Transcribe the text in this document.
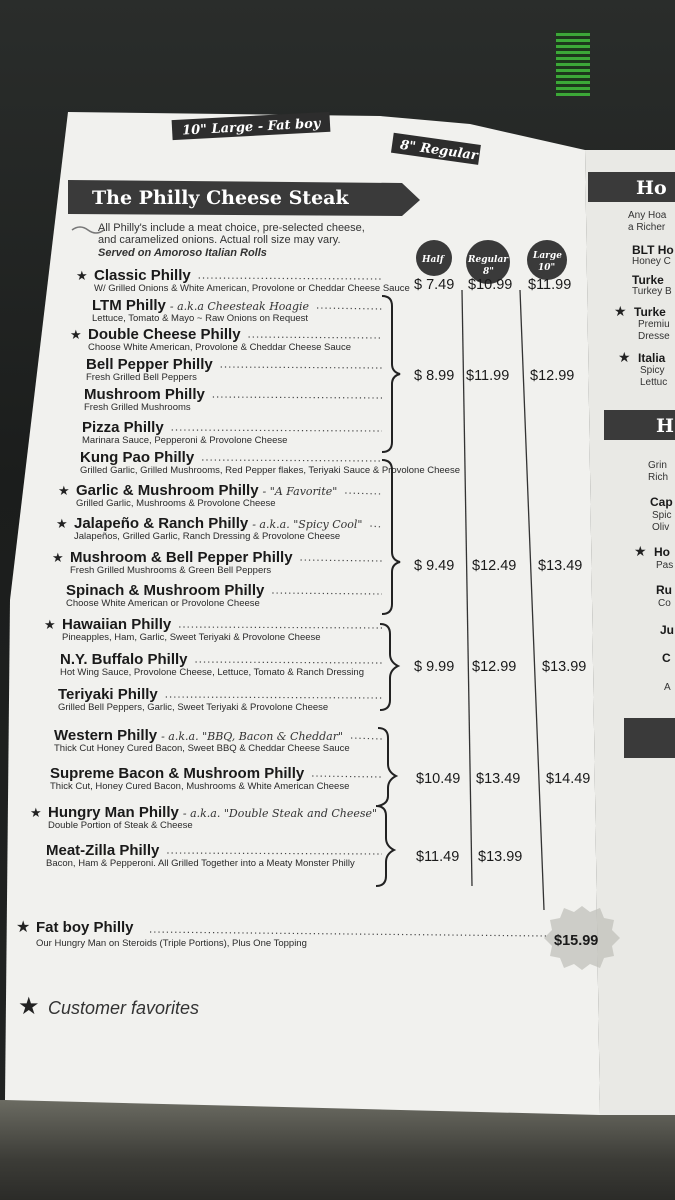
10" Large - Fat boy
8" Regular
The Philly Cheese Steak
All Philly's include a meat choice, pre-selected cheese,
and caramelized onions. Actual roll size may vary.
Served on Amoroso Italian Rolls
Half	Regular
8"
Large
10"
★ Classic Philly
W/ Grilled Onions & White American, Provolone or Cheddar Cheese Sauce
LTM Philly - a.k.a Cheesteak Hoagie
Lettuce, Tomato & Mayo ~ Raw Onions on Request
★ Double Cheese Philly
Choose White American, Provolone & Cheddar Cheese Sauce
Bell Pepper Philly
Fresh Grilled Bell Peppers
Mushroom Philly
Fresh Grilled Mushrooms
Pizza Philly
Marinara Sauce, Pepperoni & Provolone Cheese
Kung Pao Philly
Grilled Garlic, Grilled Mushrooms, Red Pepper flakes, Teriyaki Sauce & Provolone Cheese
★ Garlic & Mushroom Philly - "A Favorite"
Grilled Garlic, Mushrooms & Provolone Cheese
★ Jalapeño & Ranch Philly - a.k.a. "Spicy Cool"
Jalapeños, Grilled Garlic, Ranch Dressing & Provolone Cheese
★ Mushroom & Bell Pepper Philly
Fresh Grilled Mushrooms & Green Bell Peppers
Spinach & Mushroom Philly
Choose White American or Provolone Cheese
★ Hawaiian Philly
Pineapples, Ham, Garlic, Sweet Teriyaki & Provolone Cheese
N.Y. Buffalo Philly
Hot Wing Sauce, Provolone Cheese, Lettuce, Tomato & Ranch Dressing
Teriyaki Philly
Grilled Bell Peppers, Garlic, Sweet Teriyaki & Provolone Cheese
Western Philly - a.k.a. "BBQ, Bacon & Cheddar"
Thick Cut Honey Cured Bacon, Sweet BBQ & Cheddar Cheese Sauce
Supreme Bacon & Mushroom Philly
Thick Cut, Honey Cured Bacon, Mushrooms & White American Cheese
★ Hungry Man Philly - a.k.a. "Double Steak and Cheese"
Double Portion of Steak & Cheese
Meat-Zilla Philly
Bacon, Ham & Pepperoni. All Grilled Together into a Meaty Monster Philly
$ 7.49 $10.99 $11.99
$ 8.99 $11.99 $12.99
$ 9.49 $12.49 $13.49
$ 9.99 $12.99 $13.99
$10.49 $13.49 $14.49
$11.49 $13.99
★ Fat boy Philly
Our Hungry Man on Steroids (Triple Portions), Plus One Topping	$15.99
★ Customer favorites
Ho
Any Hoa
a Richer
BLT Ho
Honey C
Turke
Turkey B
★ Turke
Premiu
Dresse
★ Italia
Spicy
Lettuc
H
Grin
Rich
Cap
Spic
Oliv
★ Ho
Pas
Ru
Co
Ju
C
A
